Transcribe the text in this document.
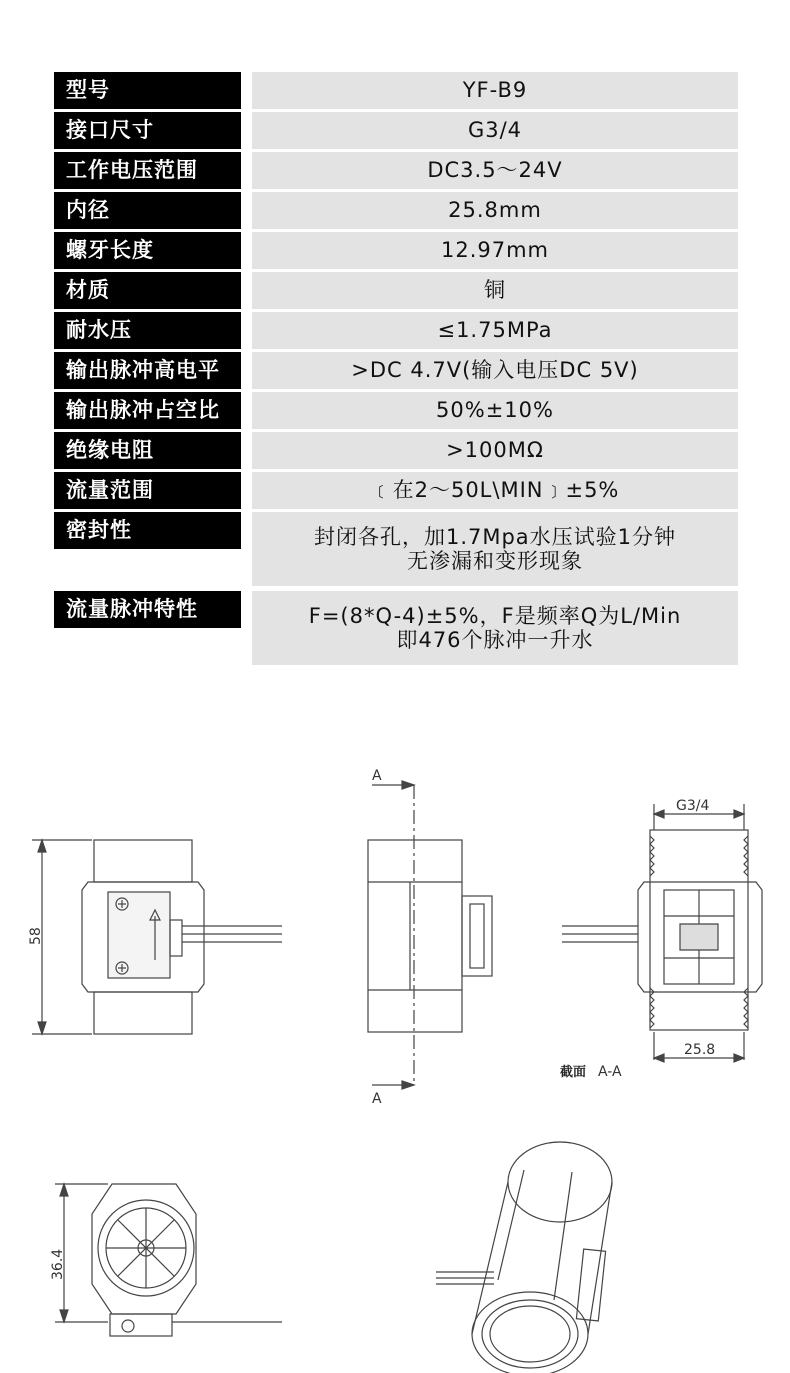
型号	YF-B9
接口尺寸	G3/4
工作电压范围	DC3.5～24V
内径	25.8mm
螺牙长度	12.97mm
材质	铜
耐水压	≤1.75MPa
输出脉冲高电平	>DC 4.7V(输入电压DC 5V)
输出脉冲占空比	50%±10%
绝缘电阻	>100MΩ
流量范围	﹝在2～50L\MIN﹞±5%
密封性	封闭各孔，加1.7Mpa水压试验1分钟
无渗漏和变形现象
流量脉冲特性	F=(8*Q-4)±5%，F是频率Q为L/Min
即476个脉冲一升水
58
A
A
G3/4
25.8
截面 A-A
36.4
